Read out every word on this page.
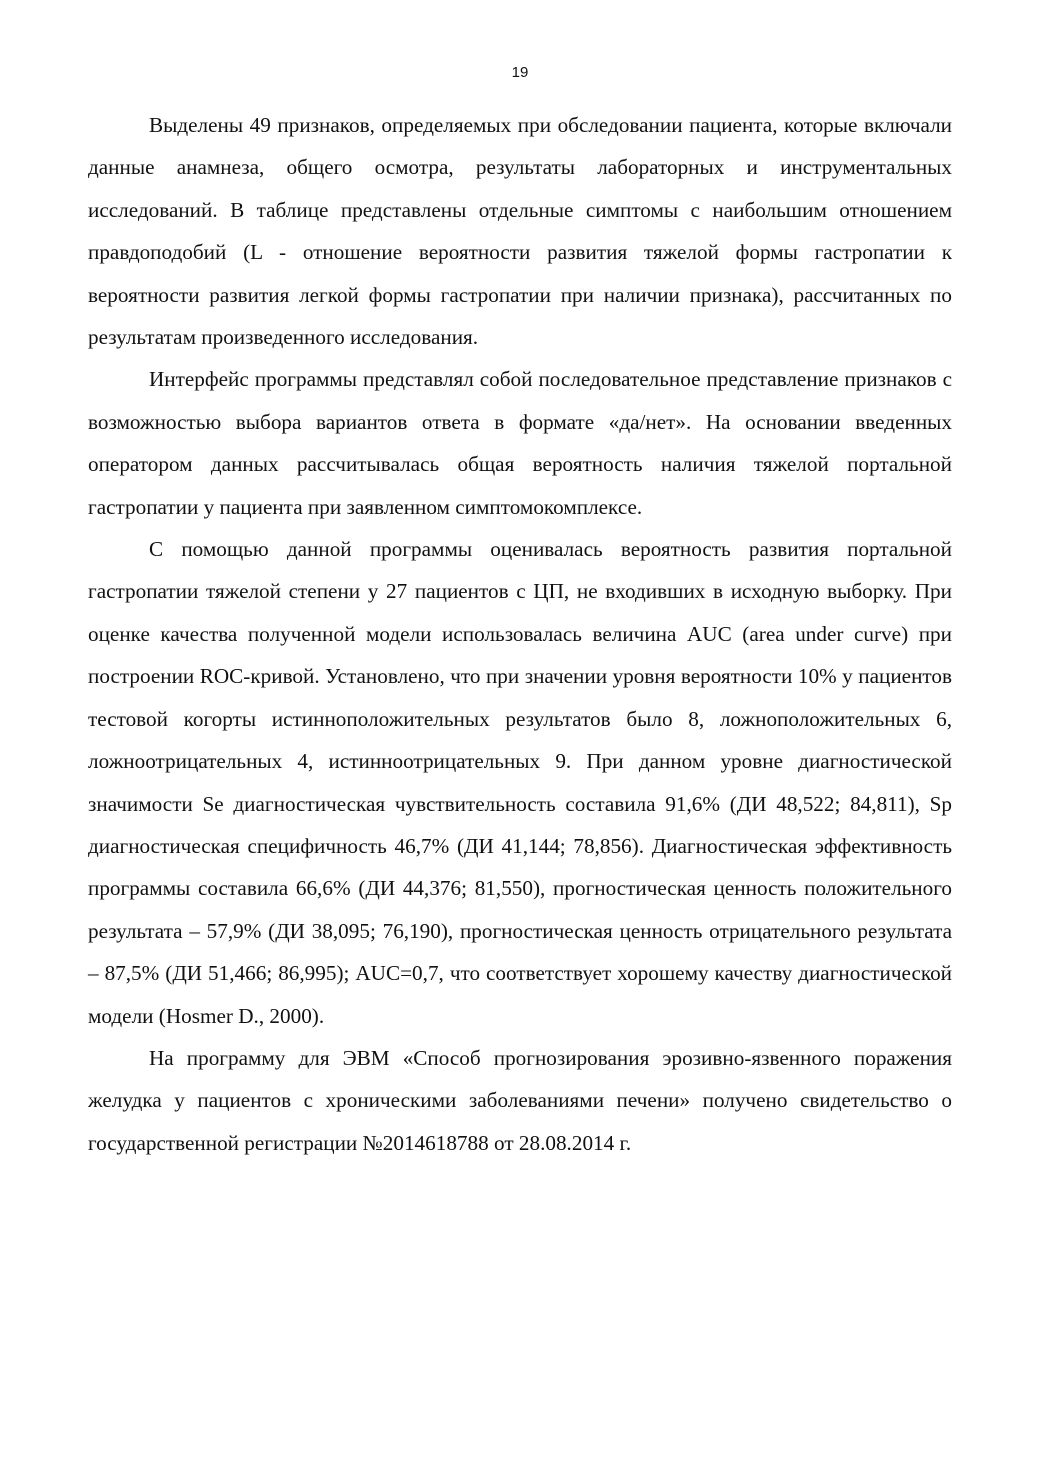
19

Выделены 49 признаков, определяемых при обследовании пациента, которые включали данные анамнеза, общего осмотра, результаты лабораторных и инструментальных исследований. В таблице представлены отдельные симптомы с наибольшим отношением правдоподобий (L - отношение вероятности развития тяжелой формы гастропатии к вероятности развития легкой формы гастропатии при наличии признака), рассчитанных по результатам произведенного исследования.

Интерфейс программы представлял собой последовательное представление признаков с возможностью выбора вариантов ответа в формате «да/нет». На основании введенных оператором данных рассчитывалась общая вероятность наличия тяжелой портальной гастропатии у пациента при заявленном симптомокомплексе.

С помощью данной программы оценивалась вероятность развития портальной гастропатии тяжелой степени у 27 пациентов с ЦП, не входивших в исходную выборку. При оценке качества полученной модели использовалась величина AUC (area under curve) при построении ROC-кривой. Установлено, что при значении уровня вероятности 10% у пациентов тестовой когорты истинноположительных результатов было 8, ложноположительных 6, ложноотрицательных 4, истинноотрицательных 9. При данном уровне диагностической значимости Se диагностическая чувствительность составила 91,6% (ДИ 48,522; 84,811), Sp диагностическая специфичность 46,7% (ДИ 41,144; 78,856). Диагностическая эффективность программы составила 66,6% (ДИ 44,376; 81,550), прогностическая ценность положительного результата – 57,9% (ДИ 38,095; 76,190), прогностическая ценность отрицательного результата – 87,5% (ДИ 51,466; 86,995); AUC=0,7, что соответствует хорошему качеству диагностической модели (Hosmer D., 2000).

На программу для ЭВМ «Способ прогнозирования эрозивно-язвенного поражения желудка у пациентов с хроническими заболеваниями печени» получено свидетельство о государственной регистрации №2014618788 от 28.08.2014 г.
